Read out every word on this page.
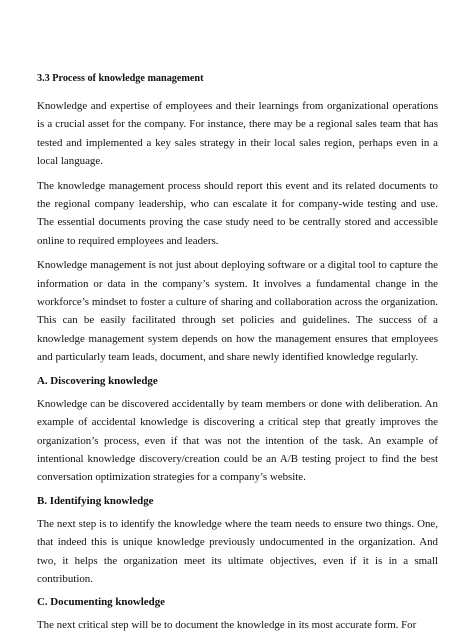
3.3 Process of knowledge management

Knowledge and expertise of employees and their learnings from organizational operations is a crucial asset for the company. For instance, there may be a regional sales team that has tested and implemented a key sales strategy in their local sales region, perhaps even in a local language.

The knowledge management process should report this event and its related documents to the regional company leadership, who can escalate it for company-wide testing and use. The essential documents proving the case study need to be centrally stored and accessible online to required employees and leaders.

Knowledge management is not just about deploying software or a digital tool to capture the information or data in the company’s system. It involves a fundamental change in the workforce’s mindset to foster a culture of sharing and collaboration across the organization. This can be easily facilitated through set policies and guidelines. The success of a knowledge management system depends on how the management ensures that employees and particularly team leads, document, and share newly identified knowledge regularly.

A. Discovering knowledge

Knowledge can be discovered accidentally by team members or done with deliberation. An example of accidental knowledge is discovering a critical step that greatly improves the organization’s process, even if that was not the intention of the task. An example of intentional knowledge discovery/creation could be an A/B testing project to find the best conversation optimization strategies for a company’s website.

B. Identifying knowledge

The next step is to identify the knowledge where the team needs to ensure two things. One, that indeed this is unique knowledge previously undocumented in the organization. And two, it helps the organization meet its ultimate objectives, even if it is in a small contribution.

C. Documenting knowledge

The next critical step will be to document the knowledge in its most accurate form. For
